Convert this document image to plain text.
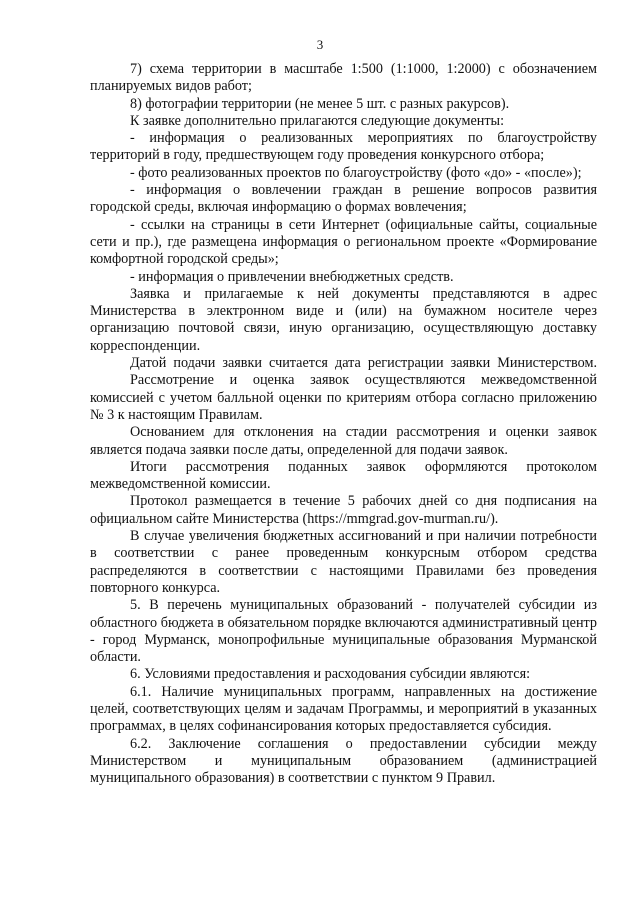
3

7) схема территории в масштабе 1:500 (1:1000, 1:2000) с обозначением планируемых видов работ;

8) фотографии территории (не менее 5 шт. с разных ракурсов).

К заявке дополнительно прилагаются следующие документы:

- информация о реализованных мероприятиях по благоустройству территорий в году, предшествующем году проведения конкурсного отбора;

- фото реализованных проектов по благоустройству (фото «до» - «после»);

- информация о вовлечении граждан в решение вопросов развития городской среды, включая информацию о формах вовлечения;

- ссылки на страницы в сети Интернет (официальные сайты, социальные сети и пр.), где размещена информация о региональном проекте «Формирование комфортной городской среды»;

- информация о привлечении внебюджетных средств.

Заявка и прилагаемые к ней документы представляются в адрес Министерства в электронном виде и (или) на бумажном носителе через организацию почтовой связи, иную организацию, осуществляющую доставку корреспонденции.

Датой подачи заявки считается дата регистрации заявки Министерством.

Рассмотрение и оценка заявок осуществляются межведомственной комиссией с учетом балльной оценки по критериям отбора согласно приложению № 3 к настоящим Правилам.

Основанием для отклонения на стадии рассмотрения и оценки заявок является подача заявки после даты, определенной для подачи заявок.

Итоги рассмотрения поданных заявок оформляются протоколом межведомственной комиссии.

Протокол размещается в течение 5 рабочих дней со дня подписания на официальном сайте Министерства (https://mmgrad.gov-murman.ru/).

В случае увеличения бюджетных ассигнований и при наличии потребности в соответствии с ранее проведенным конкурсным отбором средства распределяются в соответствии с настоящими Правилами без проведения повторного конкурса.

5. В перечень муниципальных образований - получателей субсидии из областного бюджета в обязательном порядке включаются административный центр - город Мурманск, монопрофильные муниципальные образования Мурманской области.

6. Условиями предоставления и расходования субсидии являются:

6.1. Наличие муниципальных программ, направленных на достижение целей, соответствующих целям и задачам Программы, и мероприятий в указанных программах, в целях софинансирования которых предоставляется субсидия.

6.2. Заключение соглашения о предоставлении субсидии между Министерством и муниципальным образованием (администрацией муниципального образования) в соответствии с пунктом 9 Правил.
